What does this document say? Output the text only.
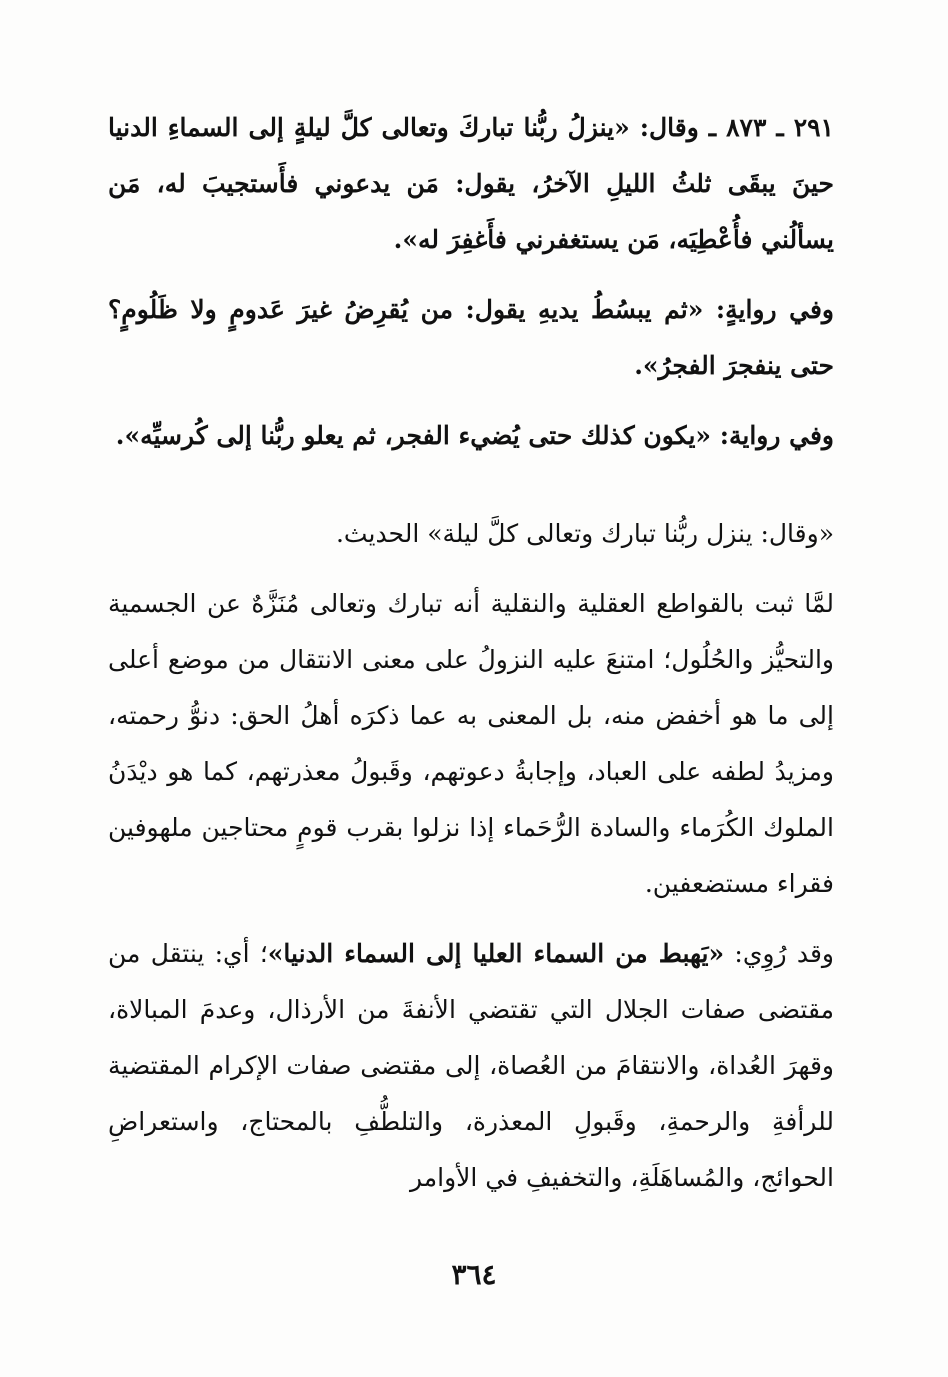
٢٩١ ـ ٨٧٣ ـ وقال: «ينزلُ ربُّنا تباركَ وتعالى كلَّ ليلةٍ إلى السماءِ الدنيا حينَ يبقَى ثلثُ الليلِ الآخرُ، يقول: مَن يدعوني فأَستجيبَ له، مَن يسألُني فأُعْطِيَه، مَن يستغفرني فأَغفِرَ له».

وفي روايةٍ: «ثم يبسُطُ يديهِ يقول: من يُقرِضُ غيرَ عَدومٍ ولا ظَلُومٍ؟ حتى ينفجرَ الفجرُ».

وفي رواية: «يكون كذلك حتى يُضيء الفجر، ثم يعلو ربُّنا إلى كُرسيِّه».

«وقال: ينزل ربُّنا تبارك وتعالى كلَّ ليلة» الحديث.

لمَّا ثبت بالقواطع العقلية والنقلية أنه تبارك وتعالى مُنَزَّهٌ عن الجسمية والتحيُّز والحُلُول؛ امتنعَ عليه النزولُ على معنى الانتقال من موضع أعلى إلى ما هو أخفض منه، بل المعنى به عما ذكرَه أهلُ الحق: دنوُّ رحمته، ومزيدُ لطفه على العباد، وإجابةُ دعوتهم، وقَبولُ معذرتهم، كما هو ديْدَنُ الملوك الكُرَماء والسادة الرُّحَماء إذا نزلوا بقرب قومٍ محتاجين ملهوفين فقراء مستضعفين.

وقد رُوِي: «يَهبط من السماء العليا إلى السماء الدنيا»؛ أي: ينتقل من مقتضى صفات الجلال التي تقتضي الأنفةَ من الأرذال، وعدمَ المبالاة، وقهرَ العُداة، والانتقامَ من العُصاة، إلى مقتضى صفات الإكرام المقتضية للرأفةِ والرحمةِ، وقَبولِ المعذرة، والتلطُّفِ بالمحتاج، واستعراضِ الحوائج، والمُساهَلَةِ، والتخفيفِ في الأوامر

٣٦٤
